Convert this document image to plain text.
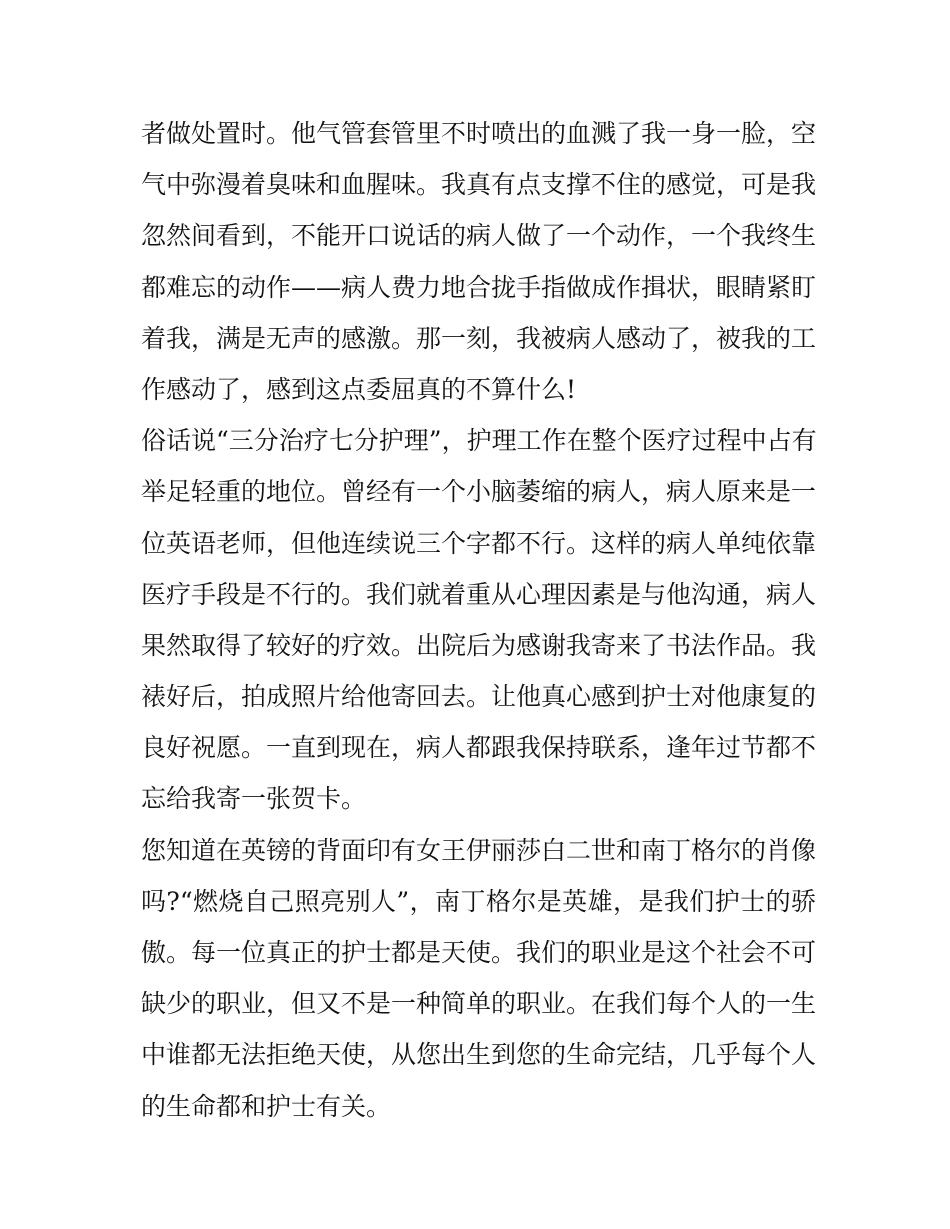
者做处置时。他气管套管里不时喷出的血溅了我一身一脸，空
气中弥漫着臭味和血腥味。我真有点支撑不住的感觉，可是我
忽然间看到，不能开口说话的病人做了一个动作，一个我终生
都难忘的动作——病人费力地合拢手指做成作揖状，眼睛紧盯
着我，满是无声的感激。那一刻，我被病人感动了，被我的工
作感动了，感到这点委屈真的不算什么!
俗话说“三分治疗七分护理”，护理工作在整个医疗过程中占有
举足轻重的地位。曾经有一个小脑萎缩的病人，病人原来是一
位英语老师，但他连续说三个字都不行。这样的病人单纯依靠
医疗手段是不行的。我们就着重从心理因素是与他沟通，病人
果然取得了较好的疗效。出院后为感谢我寄来了书法作品。我
裱好后，拍成照片给他寄回去。让他真心感到护士对他康复的
良好祝愿。一直到现在，病人都跟我保持联系，逢年过节都不
忘给我寄一张贺卡。
您知道在英镑的背面印有女王伊丽莎白二世和南丁格尔的肖像
吗?“燃烧自己照亮别人”，南丁格尔是英雄，是我们护士的骄
傲。每一位真正的护士都是天使。我们的职业是这个社会不可
缺少的职业，但又不是一种简单的职业。在我们每个人的一生
中谁都无法拒绝天使，从您出生到您的生命完结，几乎每个人
的生命都和护士有关。
